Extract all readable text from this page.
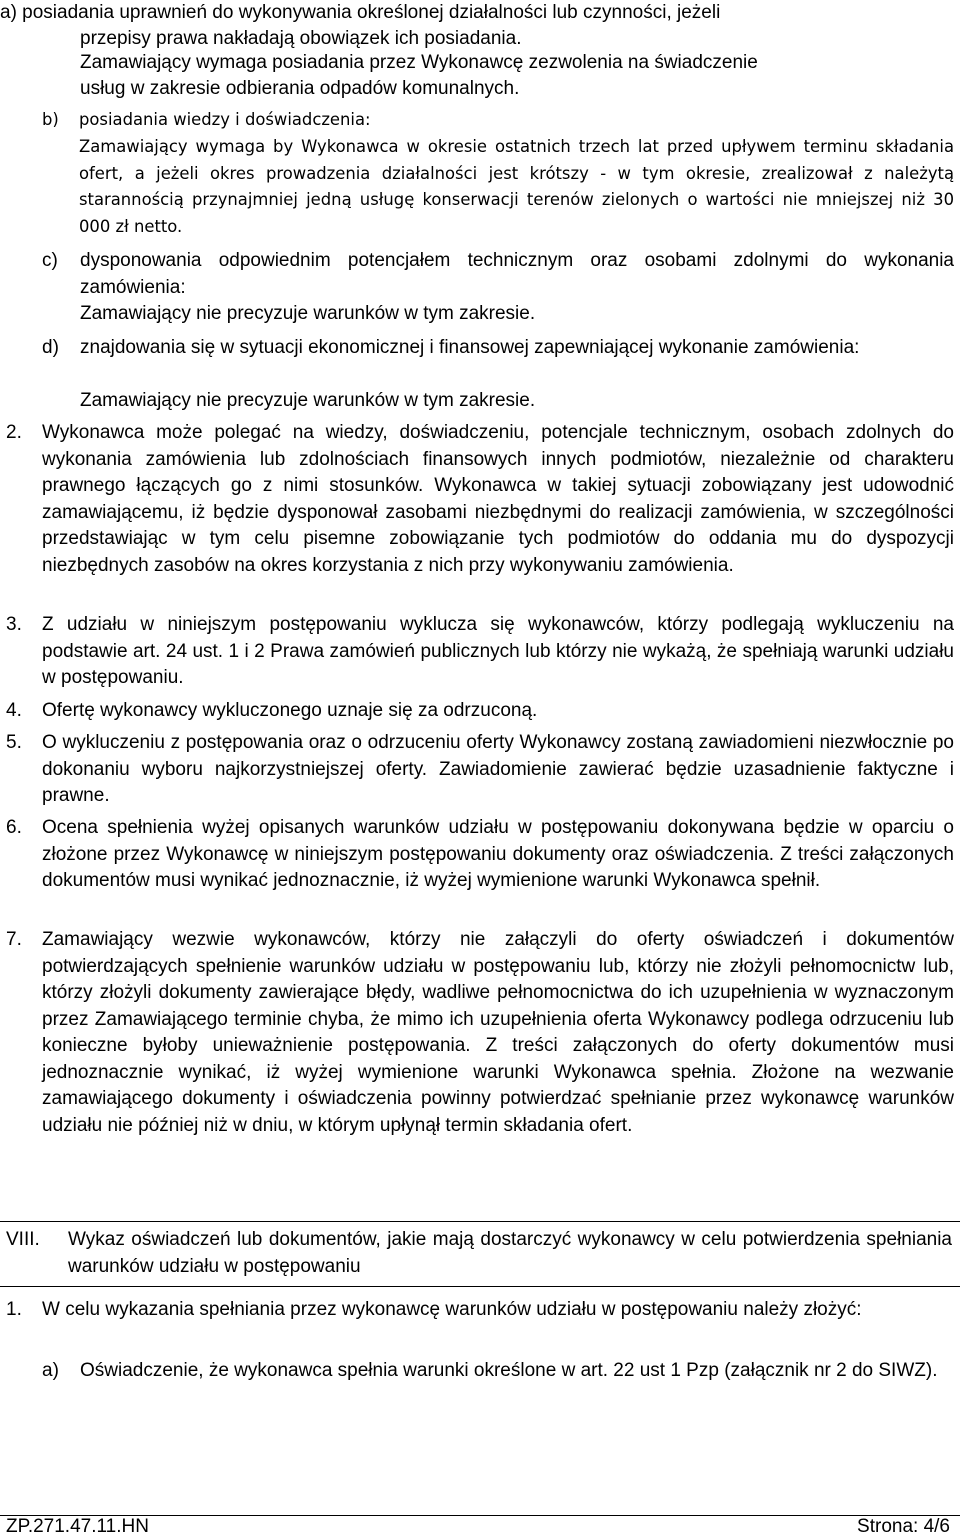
a) posiadania uprawnień do wykonywania określonej działalności lub czynności, jeżeli
przepisy prawa nakładają obowiązek ich posiadania.
Zamawiający wymaga posiadania przez Wykonawcę zezwolenia na świadczenie
usług w zakresie odbierania odpadów komunalnych.
b) posiadania wiedzy i doświadczenia:
Zamawiający wymaga by Wykonawca w okresie ostatnich trzech lat przed upływem terminu składania ofert, a jeżeli okres prowadzenia działalności jest krótszy - w tym okresie, zrealizował z należytą starannością przynajmniej jedną usługę konserwacji terenów zielonych o wartości nie mniejszej niż 30 000 zł netto.
c) dysponowania odpowiednim potencjałem technicznym oraz osobami zdolnymi do wykonania zamówienia:
Zamawiający nie precyzuje warunków w tym zakresie.
d) znajdowania się w sytuacji ekonomicznej i finansowej zapewniającej wykonanie zamówienia:
Zamawiający nie precyzuje warunków w tym zakresie.
2. Wykonawca może polegać na wiedzy, doświadczeniu, potencjale technicznym, osobach zdolnych do wykonania zamówienia lub zdolnościach finansowych innych podmiotów, niezależnie od charakteru prawnego łączących go z nimi stosunków. Wykonawca w takiej sytuacji zobowiązany jest udowodnić zamawiającemu, iż będzie dysponował zasobami niezbędnymi do realizacji zamówienia, w szczególności przedstawiając w tym celu pisemne zobowiązanie tych podmiotów do oddania mu do dyspozycji niezbędnych zasobów na okres korzystania z nich przy wykonywaniu zamówienia.
3. Z udziału w niniejszym postępowaniu wyklucza się wykonawców, którzy podlegają wykluczeniu na podstawie art. 24 ust. 1 i 2 Prawa zamówień publicznych lub którzy nie wykażą, że spełniają warunki udziału w postępowaniu.
4. Ofertę wykonawcy wykluczonego uznaje się za odrzuconą.
5. O wykluczeniu z postępowania oraz o odrzuceniu oferty Wykonawcy zostaną zawiadomieni niezwłocznie po dokonaniu wyboru najkorzystniejszej oferty. Zawiadomienie zawierać będzie uzasadnienie faktyczne i prawne.
6. Ocena spełnienia wyżej opisanych warunków udziału w postępowaniu dokonywana będzie w oparciu o złożone przez Wykonawcę w niniejszym postępowaniu dokumenty oraz oświadczenia. Z treści załączonych dokumentów musi wynikać jednoznacznie, iż wyżej wymienione warunki Wykonawca spełnił.
7. Zamawiający wezwie wykonawców, którzy nie załączyli do oferty oświadczeń i dokumentów potwierdzających spełnienie warunków udziału w postępowaniu lub, którzy nie złożyli pełnomocnictw lub, którzy złożyli dokumenty zawierające błędy, wadliwe pełnomocnictwa do ich uzupełnienia w wyznaczonym przez Zamawiającego terminie chyba, że mimo ich uzupełnienia oferta Wykonawcy podlega odrzuceniu lub konieczne byłoby unieważnienie postępowania. Z treści załączonych do oferty dokumentów musi jednoznacznie wynikać, iż wyżej wymienione warunki Wykonawca spełnia. Złożone na wezwanie zamawiającego dokumenty i oświadczenia powinny potwierdzać spełnianie przez wykonawcę warunków udziału nie później niż w dniu, w którym upłynął termin składania ofert.
VIII. Wykaz oświadczeń lub dokumentów, jakie mają dostarczyć wykonawcy w celu potwierdzenia spełniania warunków udziału w postępowaniu
1. W celu wykazania spełniania przez wykonawcę warunków udziału w postępowaniu należy złożyć:
a) Oświadczenie, że wykonawca spełnia warunki określone w art. 22 ust 1 Pzp (załącznik nr 2 do SIWZ).
ZP.271.47.11.HN	Strona: 4/6
